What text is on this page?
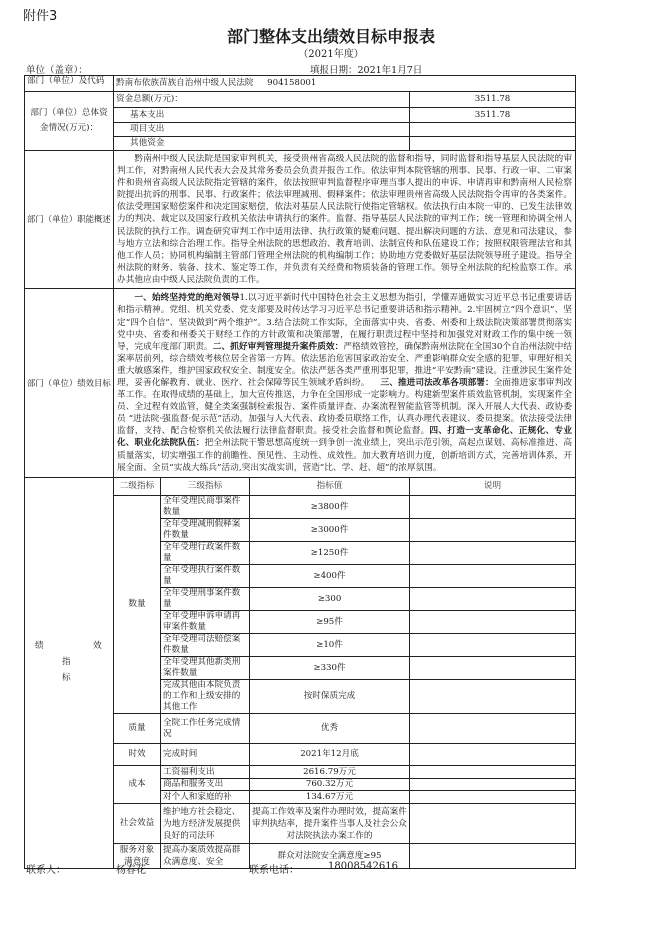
附件3
部门整体支出绩效目标申报表
（2021年度）
单位（盖章）：	填报日期：2021年1月7日
部门（单位）及代码	黔南布依族苗族自治州中级人民法院     904158001			
部门（单位）总体资金情况(万元)：	资金总额(万元)：			3511.78
	基本支出			3511.78
	项目支出			
	其他资金			
部门（单位）职能概述	黔南州中级人民法院是国家审判机关，接受贵州省高级人民法院的监督和指导，同时监督和指导基层人民法院的审判工作，对黔南州人民代表大会及其常务委员会负责并报告工作。依法审判本院管辖的刑事、民事、行政一审、二审案件和贵州省高级人民法院指定管辖的案件，依法按照审判监督程序审理当事人提出的申诉、申请再审和黔南州人民检察院提出抗诉的刑事、民事、行政案件；依法审理减刑、假释案件；依法审理贵州省高级人民法院指令再审的各类案件。依法受理国家赔偿案件和决定国家赔偿，依法对基层人民法院行使指定管辖权。依法执行由本院一审的、已发生法律效力的判决、裁定以及国家行政机关依法申请执行的案件。监督、指导基层人民法院的审判工作；统一管理和协调全州人民法院的执行工作。调查研究审判工作中适用法律、执行政策的疑难问题、提出解决问题的方法、意见和司法建议，参与地方立法和综合治理工作。指导全州法院的思想政治、教育培训、法制宣传和队伍建设工作；按照权限管理法官和其他工作人员；协同机构编制主管部门管理全州法院的机构编制工作；协助地方党委做好基层法院领导班子建设。指导全州法院的财务、装备、技术、鉴定等工作，并负责有关经费和物质装备的管理工作。领导全州法院的纪检监察工作。承办其他应由中级人民法院负责的工作。			

部门（单位）绩效目标	一、始终坚持党的绝对领导1.以习近平新时代中国特色社会主义思想为指引，学懂弄通做实习近平总书记重要讲话和指示精神。党组、机关党委、党支部要及时传达学习习近平总书记重要讲话和指示精神。2.牢固树立“四个意识”、坚定“四个自信”、坚决做到“两个维护”。3.结合法院工作实际，全面落实中央、省委、州委和上级法院决策部署贯彻落实党中央、省委和州委关于财经工作的方针政策和决策部署，在履行职责过程中坚持和加强党对财政工作的集中统一领导，完成年度部门职责。二、抓好审判管理提升案件质效：严格绩效管控，确保黔南州法院在全国30个自治州法院中结案率居前列，综合绩效考核位居全省第一方阵。依法惩治危害国家政治安全、严重影响群众安全感的犯罪，审理好相关重大敏感案件，维护国家政权安全、制度安全。依法严惩各类严重刑事犯罪，推进“平安黔南”建设。注重涉民生案件处理，妥善化解教育、就业、医疗、社会保障等民生领域矛盾纠纷。    三、推进司法改革各项部署：全面推进家事审判改革工作。在取得成绩的基础上，加大宣传推送，力争在全国形成一定影响力。构建新型案件质效监管机制，实现案件全员、全过程有效监管，健全类案强制检索报告、案件质量评查、办案流程智能监管等机制。深入开展人大代表、政协委员 “进法院·强监督·促示范”活动，加强与人大代表、政协委员联络工作，认真办理代表建议、委员提案。依法接受法律监督，支持、配合检察机关依法履行法律监督职责。接受社会监督和舆论监督。四、打造一支革命化、正规化、专业化、职业化法院队伍：把全州法院干警思想高度统一到争创一流业绩上，突出示范引领，高起点谋划、高标准推进、高质量落实，切实增强工作的前瞻性、预见性、主动性、成效性。加大教育培训力度，创新培训方式，完善培训体系，开展全面、全员“实战大练兵”活动,突出实战实训，营造“比、学、赶、超”的浓厚氛围。			

绩 效

指
标	二级指标	三级指标	指标值	说明
	数量	全年受理民商事案件数量	≥3800件	
		全年受理减刑假释案件数量	≥3000件	
		全年受理行政案件数量	≥1250件	
		全年受理执行案件数量	≥400件	
		全年受理刑事案件数量	≥300	
		全年受理申诉申请再审案件数量	≥95件	
		全年受理司法赔偿案件数量	≥10件	
		全年受理其他新类刑案件数量	≥330件	
		完成其他由本院负责的工作和上级安排的其他工作	按时保质完成	
	质量	全院工作任务完成情况	优秀	
	时效	完成时间	2021年12月底	
	成本	工资福利支出	2616.79万元	
		商品和服务支出	760.32万元	
		对个人和家庭的补	134.67万元	
	社会效益	维护地方社会稳定、为地方经济发展提供良好的司法环	提高工作效率及案件办理时效，提高案件审判执结率，提升案件当事人及社会公众对法院执法办案工作的	

	服务对象满意度	提高办案质效提高群众满意度、安全	群众对法院安全满意度≥95	
联系人：	杨春花	联系电话：	18008542616
